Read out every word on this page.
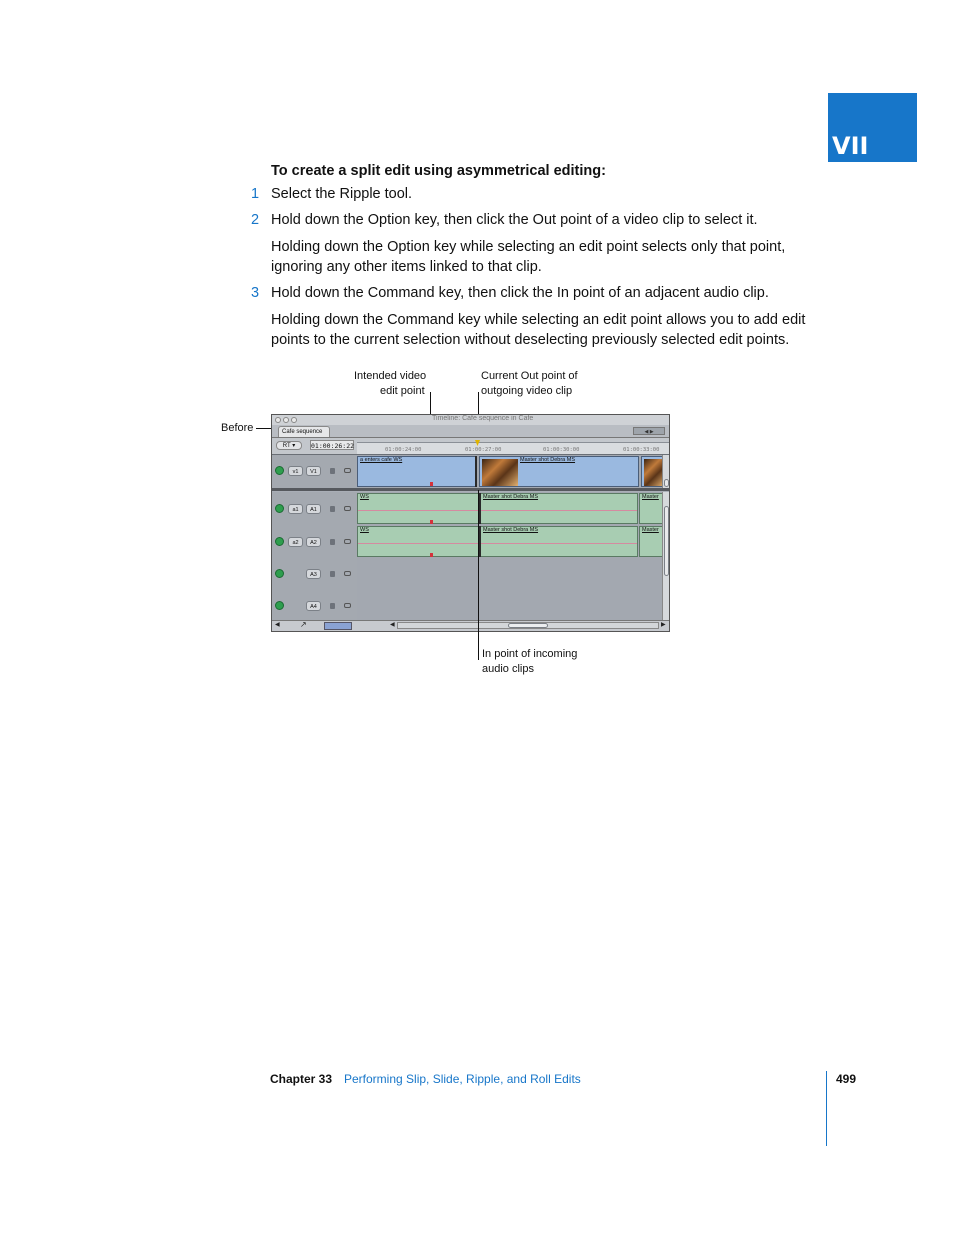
VII
To create a split edit using asymmetrical editing:
1 Select the Ripple tool.
2 Hold down the Option key, then click the Out point of a video clip to select it.
Holding down the Option key while selecting an edit point selects only that point, ignoring any other items linked to that clip.
3 Hold down the Command key, then click the In point of an adjacent audio clip.
Holding down the Command key while selecting an edit point allows you to add edit points to the current selection without deselecting previously selected edit points.
Intended video
edit point
Current Out point of
outgoing video clip
Before
In point of incoming
audio clips
Timeline: Cafe sequence in Cafe
Cafe sequence	◀ ▶
RT ▾	01:00:26:22	01:00:24:00	01:00:27:00	01:00:30:00	01:00:33:00
v1	V1
a enters cafe WS	Master shot Debra MS
a1	A1
WS	Master shot Debra MS	Master
a2	A2
WS	Master shot Debra MS	Master
A3
A4
◀	↗	◀	▶
Chapter 33 Performing Slip, Slide, Ripple, and Roll Edits	499
